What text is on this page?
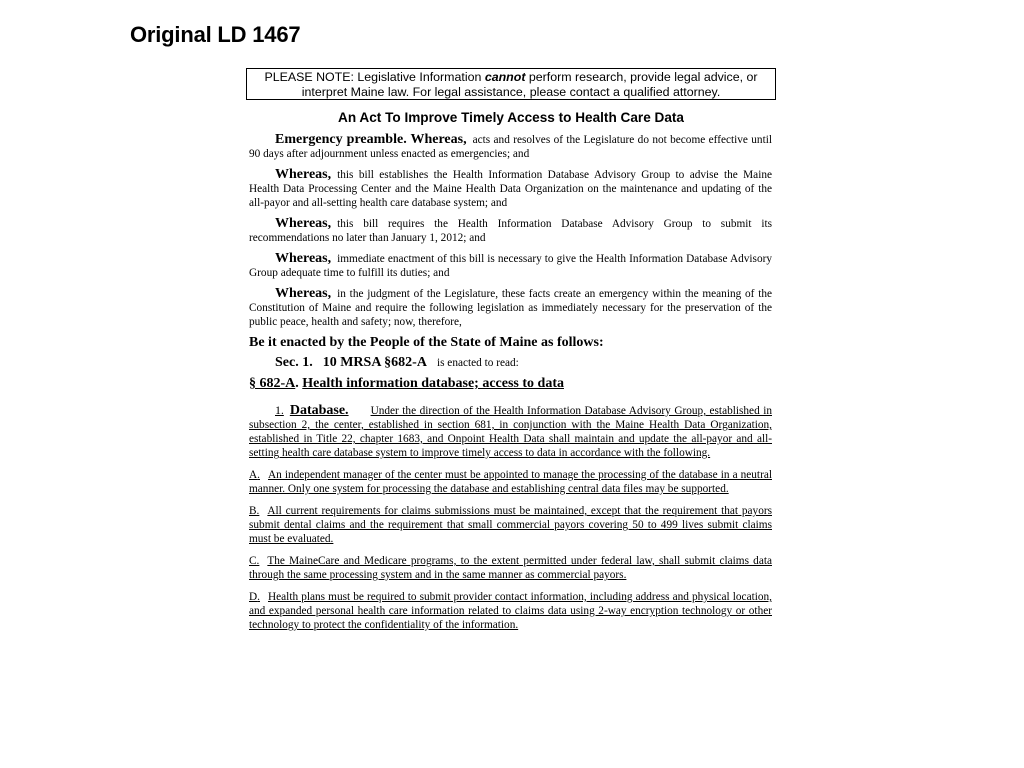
Original LD 1467
PLEASE NOTE: Legislative Information cannot perform research, provide legal advice, or interpret Maine law. For legal assistance, please contact a qualified attorney.
An Act To Improve Timely Access to Health Care Data

Emergency preamble. Whereas, acts and resolves of the Legislature do not become effective until 90 days after adjournment unless enacted as emergencies; and

Whereas, this bill establishes the Health Information Database Advisory Group to advise the Maine Health Data Processing Center and the Maine Health Data Organization on the maintenance and updating of the all-payor and all-setting health care database system; and

Whereas, this bill requires the Health Information Database Advisory Group to submit its recommendations no later than January 1, 2012; and

Whereas, immediate enactment of this bill is necessary to give the Health Information Database Advisory Group adequate time to fulfill its duties; and

Whereas, in the judgment of the Legislature, these facts create an emergency within the meaning of the Constitution of Maine and require the following legislation as immediately necessary for the preservation of the public peace, health and safety; now, therefore,

Be it enacted by the People of the State of Maine as follows:

Sec. 1. 10 MRSA §682-A is enacted to read:

§ 682-A. Health information database; access to data

1. Database. Under the direction of the Health Information Database Advisory Group, established in subsection 2, the center, established in section 681, in conjunction with the Maine Health Data Organization, established in Title 22, chapter 1683, and Onpoint Health Data shall maintain and update the all-payor and all-setting health care database system to improve timely access to data in accordance with the following.

A. An independent manager of the center must be appointed to manage the processing of the database in a neutral manner. Only one system for processing the database and establishing central data files may be supported.

B. All current requirements for claims submissions must be maintained, except that the requirement that payors submit dental claims and the requirement that small commercial payors covering 50 to 499 lives submit claims must be evaluated.

C. The MaineCare and Medicare programs, to the extent permitted under federal law, shall submit claims data through the same processing system and in the same manner as commercial payors.

D. Health plans must be required to submit provider contact information, including address and physical location, and expanded personal health care information related to claims data using 2-way encryption technology or other technology to protect the confidentiality of the information.
